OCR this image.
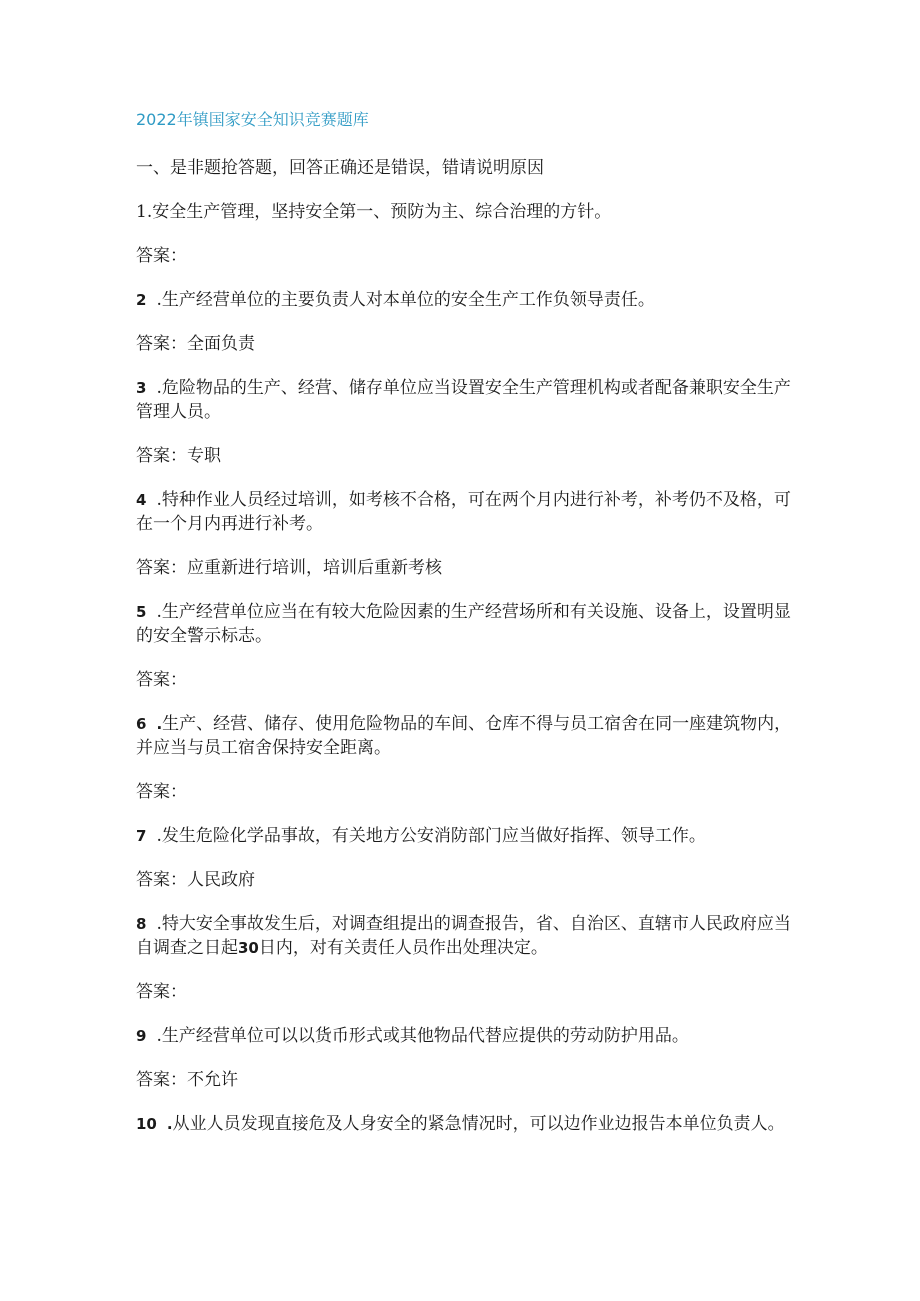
2022年镇国家安全知识竞赛题库
一、是非题抢答题，回答正确还是错误，错请说明原因
1.安全生产管理，坚持安全第一、预防为主、综合治理的方针。
答案：
2 .生产经营单位的主要负责人对本单位的安全生产工作负领导责任。
答案：全面负责
3 .危险物品的生产、经营、储存单位应当设置安全生产管理机构或者配备兼职安全生产管理人员。
答案：专职
4 .特种作业人员经过培训，如考核不合格，可在两个月内进行补考，补考仍不及格，可在一个月内再进行补考。
答案：应重新进行培训，培训后重新考核
5 .生产经营单位应当在有较大危险因素的生产经营场所和有关设施、设备上，设置明显的安全警示标志。
答案：
6 .生产、经营、储存、使用危险物品的车间、仓库不得与员工宿舍在同一座建筑物内，并应当与员工宿舍保持安全距离。
答案：
7 .发生危险化学品事故，有关地方公安消防部门应当做好指挥、领导工作。
答案：人民政府
8 .特大安全事故发生后，对调查组提出的调查报告，省、自治区、直辖市人民政府应当自调查之日起30日内，对有关责任人员作出处理决定。
答案：
9 .生产经营单位可以以货币形式或其他物品代替应提供的劳动防护用品。
答案：不允许
10 .从业人员发现直接危及人身安全的紧急情况时，可以边作业边报告本单位负责人。
